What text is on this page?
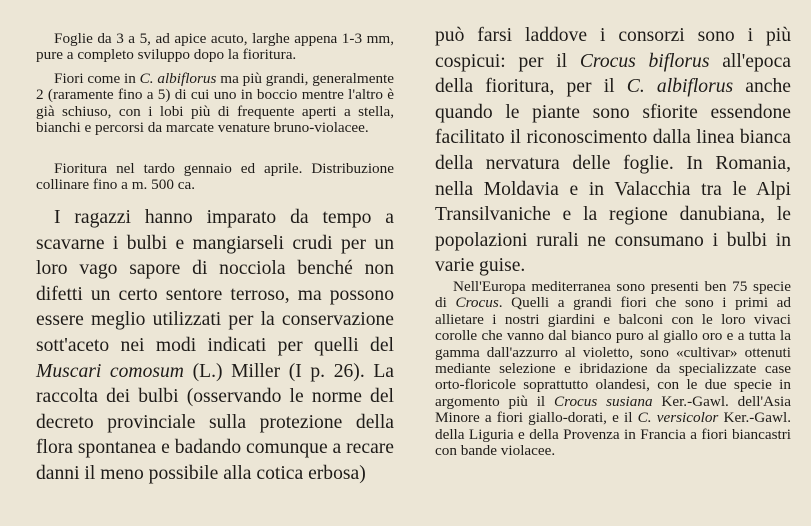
Foglie da 3 a 5, ad apice acuto, larghe appena 1-3 mm, pure a completo sviluppo dopo la fioritura.

Fiori come in C. albiflorus ma più grandi, generalmente 2 (raramente fino a 5) di cui uno in boccio mentre l'altro è già schiuso, con i lobi più di frequente aperti a stella, bianchi e percorsi da marcate venature bruno-violacee.

Fioritura nel tardo gennaio ed aprile. Distribuzione collinare fino a m. 500 ca.

I ragazzi hanno imparato da tempo a scavarne i bulbi e mangiarseli crudi per un loro vago sapore di nocciola benché non difetti un certo sentore terroso, ma possono essere meglio utilizzati per la conservazione sott'aceto nei modi indicati per quelli del Muscari comosum (L.) Miller (I p. 26). La raccolta dei bulbi (osservando le norme del decreto provinciale sulla protezione della flora spontanea e badando comunque a recare danni il meno possibile alla cotica erbosa)

può farsi laddove i consorzi sono i più cospicui: per il Crocus biflorus all'epoca della fioritura, per il C. albiflorus anche quando le piante sono sfiorite essendone facilitato il riconoscimento dalla linea bianca della nervatura delle foglie. In Romania, nella Moldavia e in Valacchia tra le Alpi Transilvaniche e la regione danubiana, le popolazioni rurali ne consumano i bulbi in varie guise.

Nell'Europa mediterranea sono presenti ben 75 specie di Crocus. Quelli a grandi fiori che sono i primi ad allietare i nostri giardini e balconi con le loro vivaci corolle che vanno dal bianco puro al giallo oro e a tutta la gamma dall'azzurro al violetto, sono «cultivar» ottenuti mediante selezione e ibridazione da specializzate case orto-floricole soprattutto olandesi, con le due specie in argomento più il Crocus susiana Ker.-Gawl. dell'Asia Minore a fiori giallo-dorati, e il C. versicolor Ker.-Gawl. della Liguria e della Provenza in Francia a fiori biancastri con bande violacee.
